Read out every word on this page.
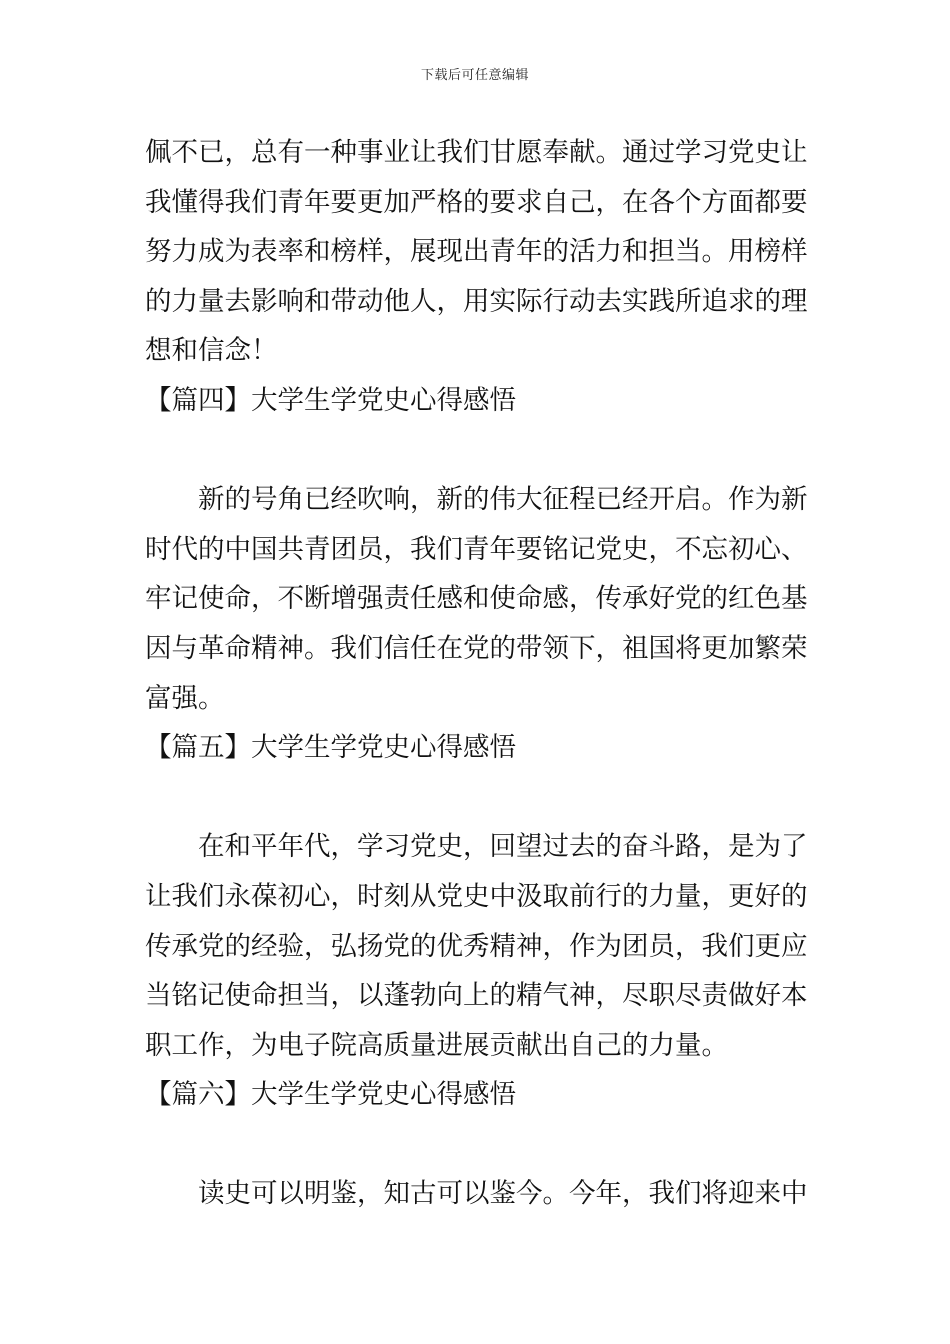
下载后可任意编辑
佩不已，总有一种事业让我们甘愿奉献。通过学习党史让
我懂得我们青年要更加严格的要求自己，在各个方面都要
努力成为表率和榜样，展现出青年的活力和担当。用榜样
的力量去影响和带动他人，用实际行动去实践所追求的理
想和信念！
【篇四】大学生学党史心得感悟
新的号角已经吹响，新的伟大征程已经开启。作为新
时代的中国共青团员，我们青年要铭记党史，不忘初心、
牢记使命，不断增强责任感和使命感，传承好党的红色基
因与革命精神。我们信任在党的带领下，祖国将更加繁荣
富强。
【篇五】大学生学党史心得感悟
在和平年代，学习党史，回望过去的奋斗路，是为了
让我们永葆初心，时刻从党史中汲取前行的力量，更好的
传承党的经验，弘扬党的优秀精神，作为团员，我们更应
当铭记使命担当，以蓬勃向上的精气神，尽职尽责做好本
职工作，为电子院高质量进展贡献出自己的力量。
【篇六】大学生学党史心得感悟
读史可以明鉴，知古可以鉴今。今年，我们将迎来中
